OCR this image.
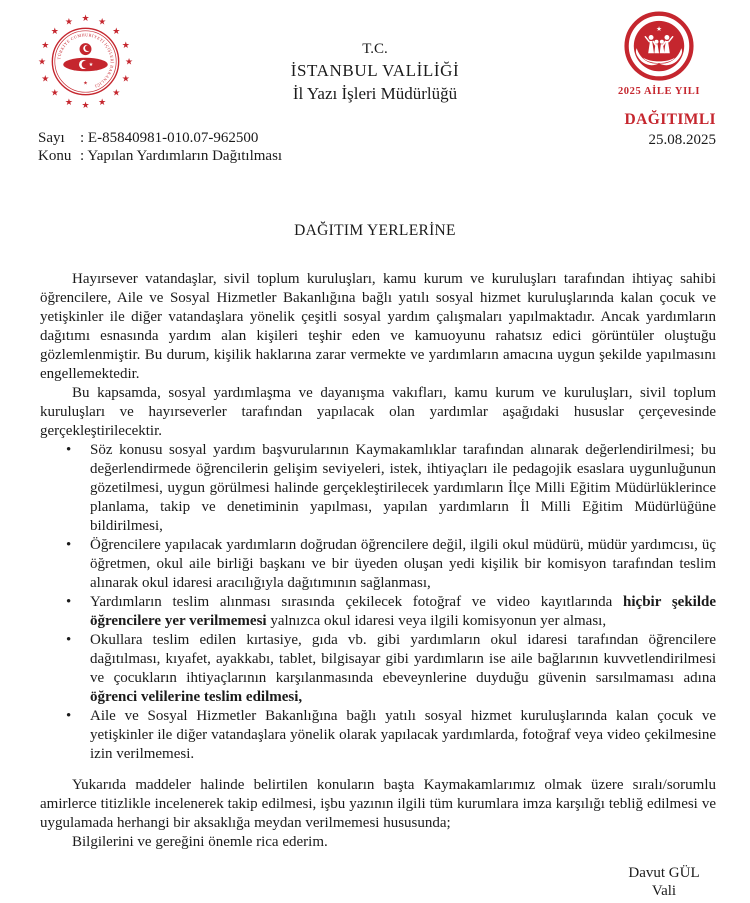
★
★
★
★
★
★
★
★
★
★
★
★ ★ ★
★
★
TÜRKİYE CUMHURİYETİ İÇİŞLERİ BAKANLIĞI
★
★
T.C.
İSTANBUL VALİLİĞİ
İl Yazı İşleri Müdürlüğü
★
2025 AİLE YILI
DAĞITIMLI
25.08.2025
Sayı : E-85840981-010.07-962500
Konu : Yapılan Yardımların Dağıtılması
DAĞITIM YERLERİNE

Hayırsever vatandaşlar, sivil toplum kuruluşları, kamu kurum ve kuruluşları tarafından ihtiyaç sahibi öğrencilere, Aile ve Sosyal Hizmetler Bakanlığına bağlı yatılı sosyal hizmet kuruluşlarında kalan çocuk ve yetişkinler ile diğer vatandaşlara yönelik çeşitli sosyal yardım çalışmaları yapılmaktadır. Ancak yardımların dağıtımı esnasında yardım alan kişileri teşhir eden ve kamuoyunu rahatsız edici görüntüler oluştuğu gözlemlenmiştir. Bu durum, kişilik haklarına zarar vermekte ve yardımların amacına uygun şekilde yapılmasını engellemektedir.

Bu kapsamda, sosyal yardımlaşma ve dayanışma vakıfları, kamu kurum ve kuruluşları, sivil toplum kuruluşları ve hayırseverler tarafından yapılacak olan yardımlar aşağıdaki hususlar çerçevesinde gerçekleştirilecektir.

• Söz konusu sosyal yardım başvurularının Kaymakamlıklar tarafından alınarak değerlendirilmesi; bu değerlendirmede öğrencilerin gelişim seviyeleri, istek, ihtiyaçları ile pedagojik esaslara uygunluğunun gözetilmesi, uygun görülmesi halinde gerçekleştirilecek yardımların İlçe Milli Eğitim Müdürlüklerince planlama, takip ve denetiminin yapılması, yapılan yardımların İl Milli Eğitim Müdürlüğüne bildirilmesi,
• Öğrencilere yapılacak yardımların doğrudan öğrencilere değil, ilgili okul müdürü, müdür yardımcısı, üç öğretmen, okul aile birliği başkanı ve bir üyeden oluşan yedi kişilik bir komisyon tarafından teslim alınarak okul idaresi aracılığıyla dağıtımının sağlanması,
• Yardımların teslim alınması sırasında çekilecek fotoğraf ve video kayıtlarında hiçbir şekilde öğrencilere yer verilmemesi yalnızca okul idaresi veya ilgili komisyonun yer alması,
• Okullara teslim edilen kırtasiye, gıda vb. gibi yardımların okul idaresi tarafından öğrencilere dağıtılması, kıyafet, ayakkabı, tablet, bilgisayar gibi yardımların ise aile bağlarının kuvvetlendirilmesi ve çocukların ihtiyaçlarının karşılanmasında ebeveynlerine duyduğu güvenin sarsılmaması adına öğrenci velilerine teslim edilmesi,
• Aile ve Sosyal Hizmetler Bakanlığına bağlı yatılı sosyal hizmet kuruluşlarında kalan çocuk ve yetişkinler ile diğer vatandaşlara yönelik olarak yapılacak yardımlarda, fotoğraf veya video çekilmesine izin verilmemesi.

Yukarıda maddeler halinde belirtilen konuların başta Kaymakamlarımız olmak üzere sıralı/sorumlu amirlerce titizlikle incelenerek takip edilmesi, işbu yazının ilgili tüm kurumlara imza karşılığı tebliğ edilmesi ve uygulamada herhangi bir aksaklığa meydan verilmemesi hususunda;

Bilgilerini ve gereğini önemle rica ederim.

Davut GÜL
Vali
